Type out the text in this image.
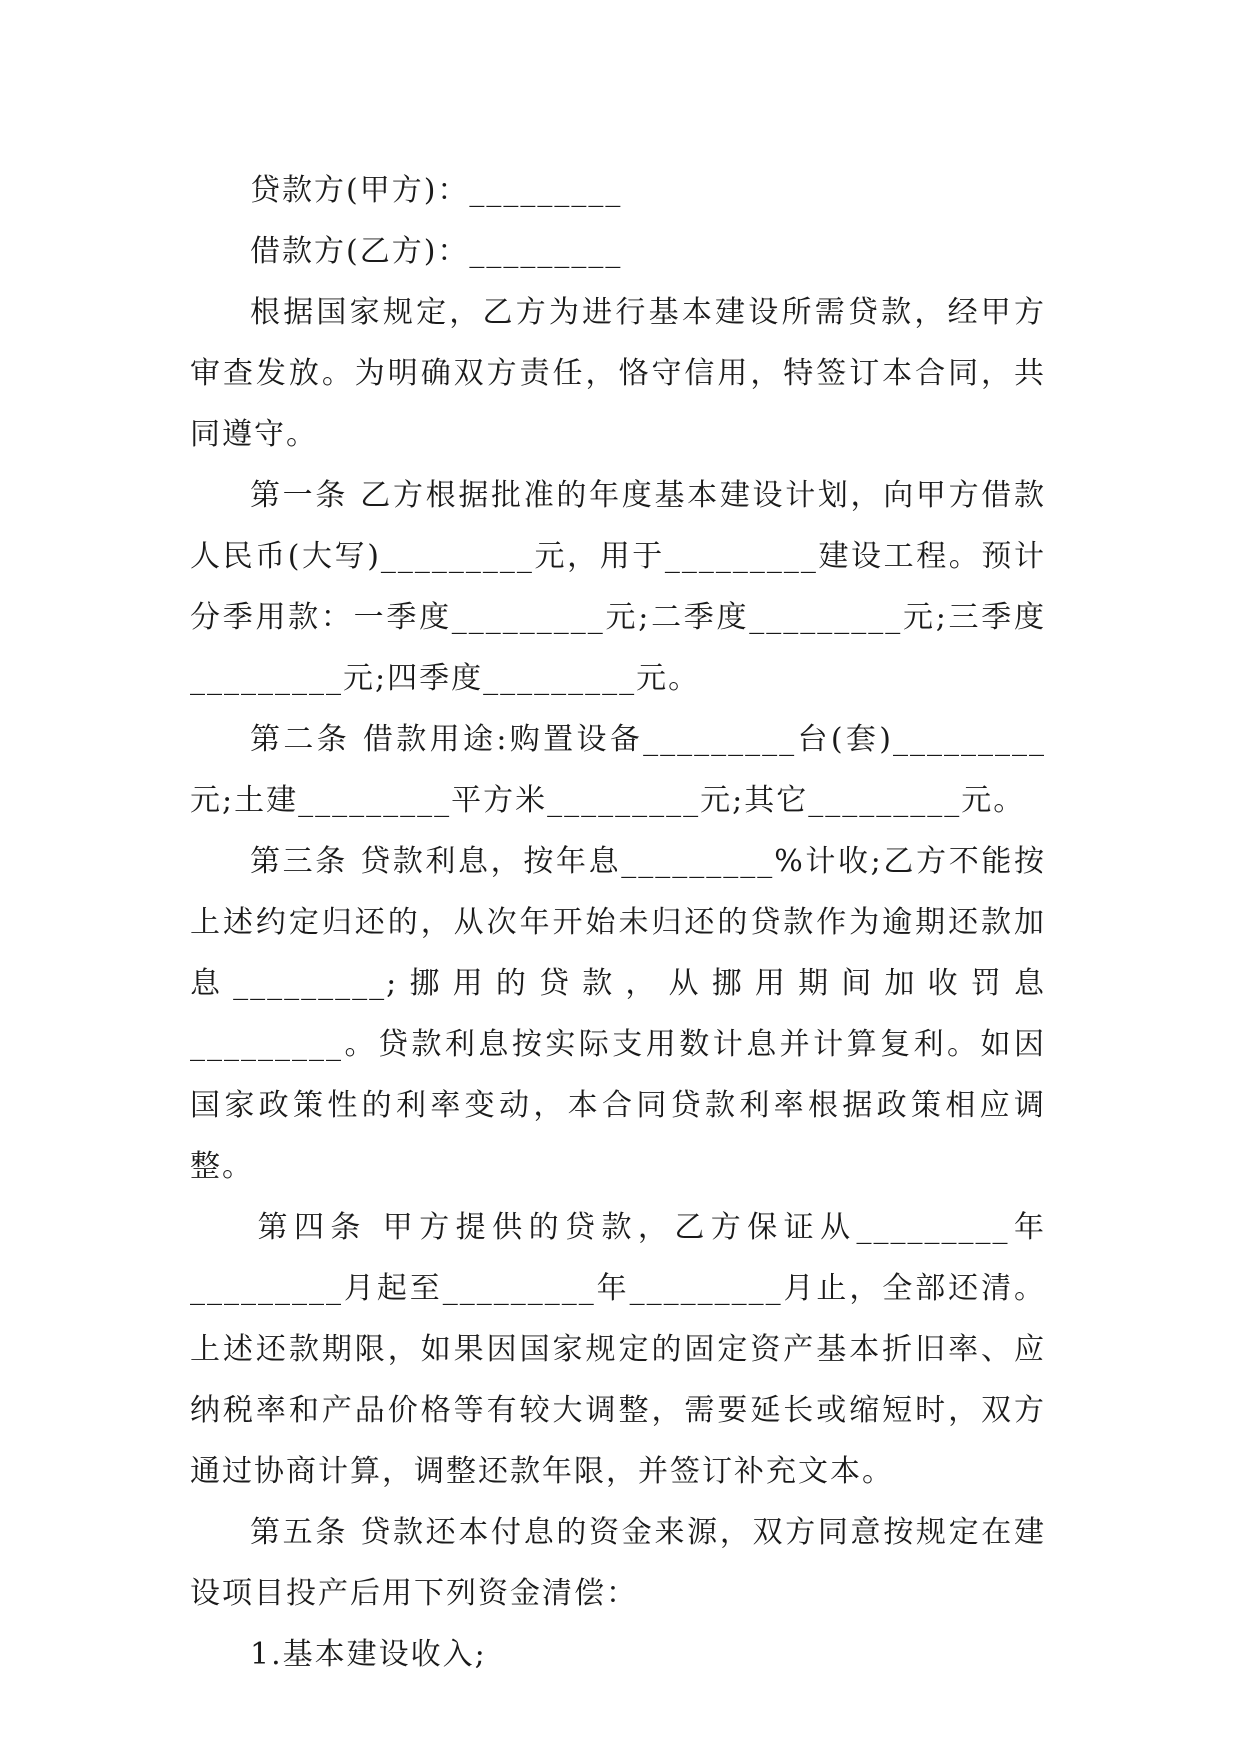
贷款方(甲方)：_________

借款方(乙方)：_________

根据国家规定，乙方为进行基本建设所需贷款，经甲方审查发放。为明确双方责任，恪守信用，特签订本合同，共同遵守。

第一条 乙方根据批准的年度基本建设计划，向甲方借款人民币(大写)_________元，用于_________建设工程。预计分季用款：一季度_________元;二季度_________元;三季度_________元;四季度_________元。

第二条 借款用途:购置设备_________台(套)_________元;土建_________平方米_________元;其它_________元。

第三条 贷款利息，按年息_________%计收;乙方不能按上述约定归还的，从次年开始未归还的贷款作为逾期还款加息_________;挪用的贷款，从挪用期间加收罚息_________。贷款利息按实际支用数计息并计算复利。如因国家政策性的利率变动，本合同贷款利率根据政策相应调整。

第四条 甲方提供的贷款，乙方保证从_________年_________月起至_________年_________月止，全部还清。上述还款期限，如果因国家规定的固定资产基本折旧率、应纳税率和产品价格等有较大调整，需要延长或缩短时，双方通过协商计算，调整还款年限，并签订补充文本。

第五条 贷款还本付息的资金来源，双方同意按规定在建设项目投产后用下列资金清偿：

1.基本建设收入;
